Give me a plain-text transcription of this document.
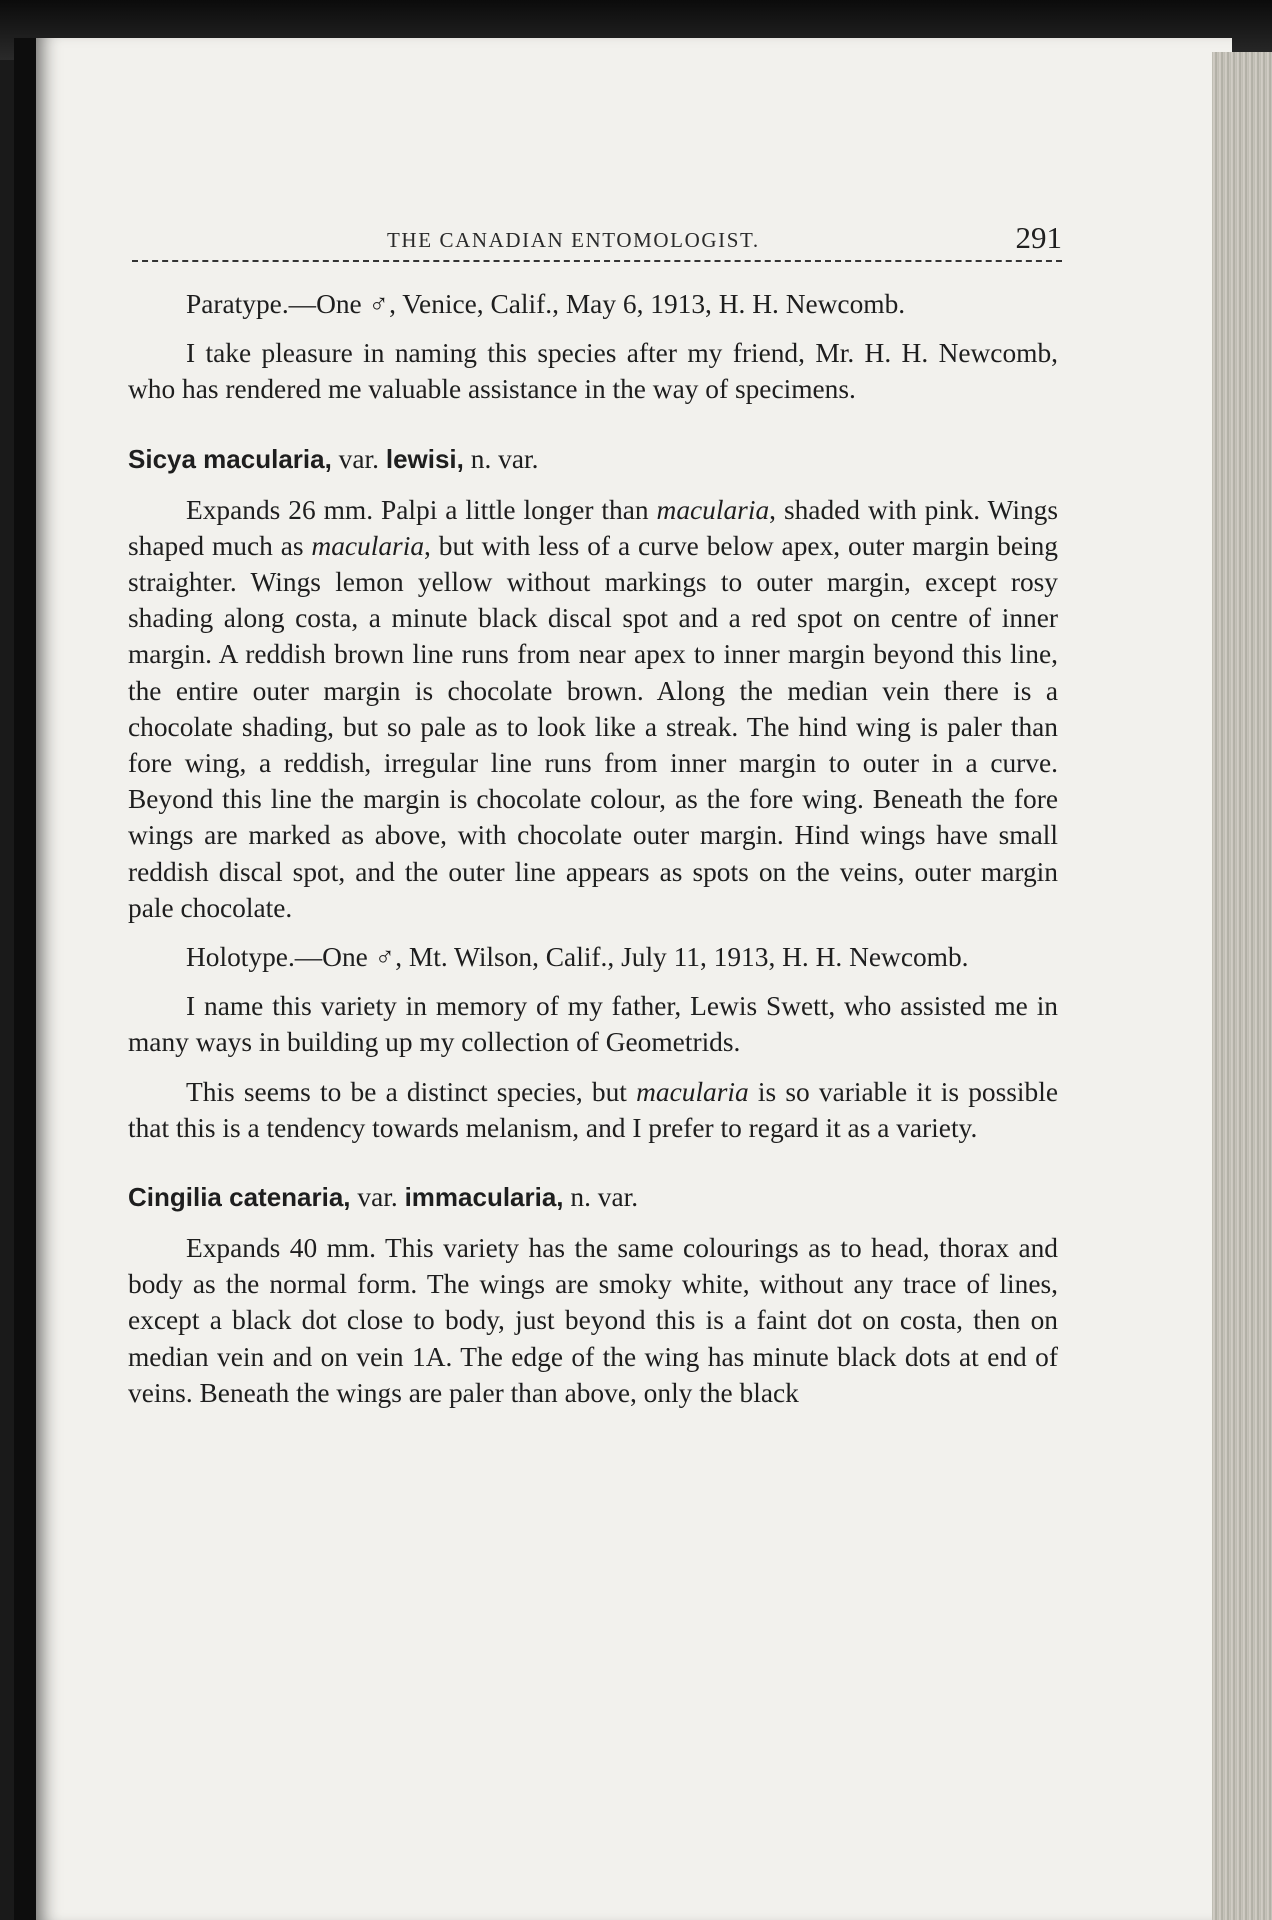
THE CANADIAN ENTOMOLOGIST.	291

Paratype.—One ♂, Venice, Calif., May 6, 1913, H. H. Newcomb.

I take pleasure in naming this species after my friend, Mr. H. H. Newcomb, who has rendered me valuable assistance in the way of specimens.

Sicya macularia, var. lewisi, n. var.

Expands 26 mm. Palpi a little longer than macularia, shaded with pink. Wings shaped much as macularia, but with less of a curve below apex, outer margin being straighter. Wings lemon yellow without markings to outer margin, except rosy shading along costa, a minute black discal spot and a red spot on centre of inner margin. A reddish brown line runs from near apex to inner margin beyond this line, the entire outer margin is chocolate brown. Along the median vein there is a chocolate shading, but so pale as to look like a streak. The hind wing is paler than fore wing, a reddish, irregular line runs from inner margin to outer in a curve. Beyond this line the margin is chocolate colour, as the fore wing. Beneath the fore wings are marked as above, with chocolate outer margin. Hind wings have small reddish discal spot, and the outer line appears as spots on the veins, outer margin pale chocolate.

Holotype.—One ♂, Mt. Wilson, Calif., July 11, 1913, H. H. Newcomb.

I name this variety in memory of my father, Lewis Swett, who assisted me in many ways in building up my collection of Geometrids.

This seems to be a distinct species, but macularia is so variable it is possible that this is a tendency towards melanism, and I prefer to regard it as a variety.

Cingilia catenaria, var. immacularia, n. var.

Expands 40 mm. This variety has the same colourings as to head, thorax and body as the normal form. The wings are smoky white, without any trace of lines, except a black dot close to body, just beyond this is a faint dot on costa, then on median vein and on vein 1A. The edge of the wing has minute black dots at end of veins. Beneath the wings are paler than above, only the black
